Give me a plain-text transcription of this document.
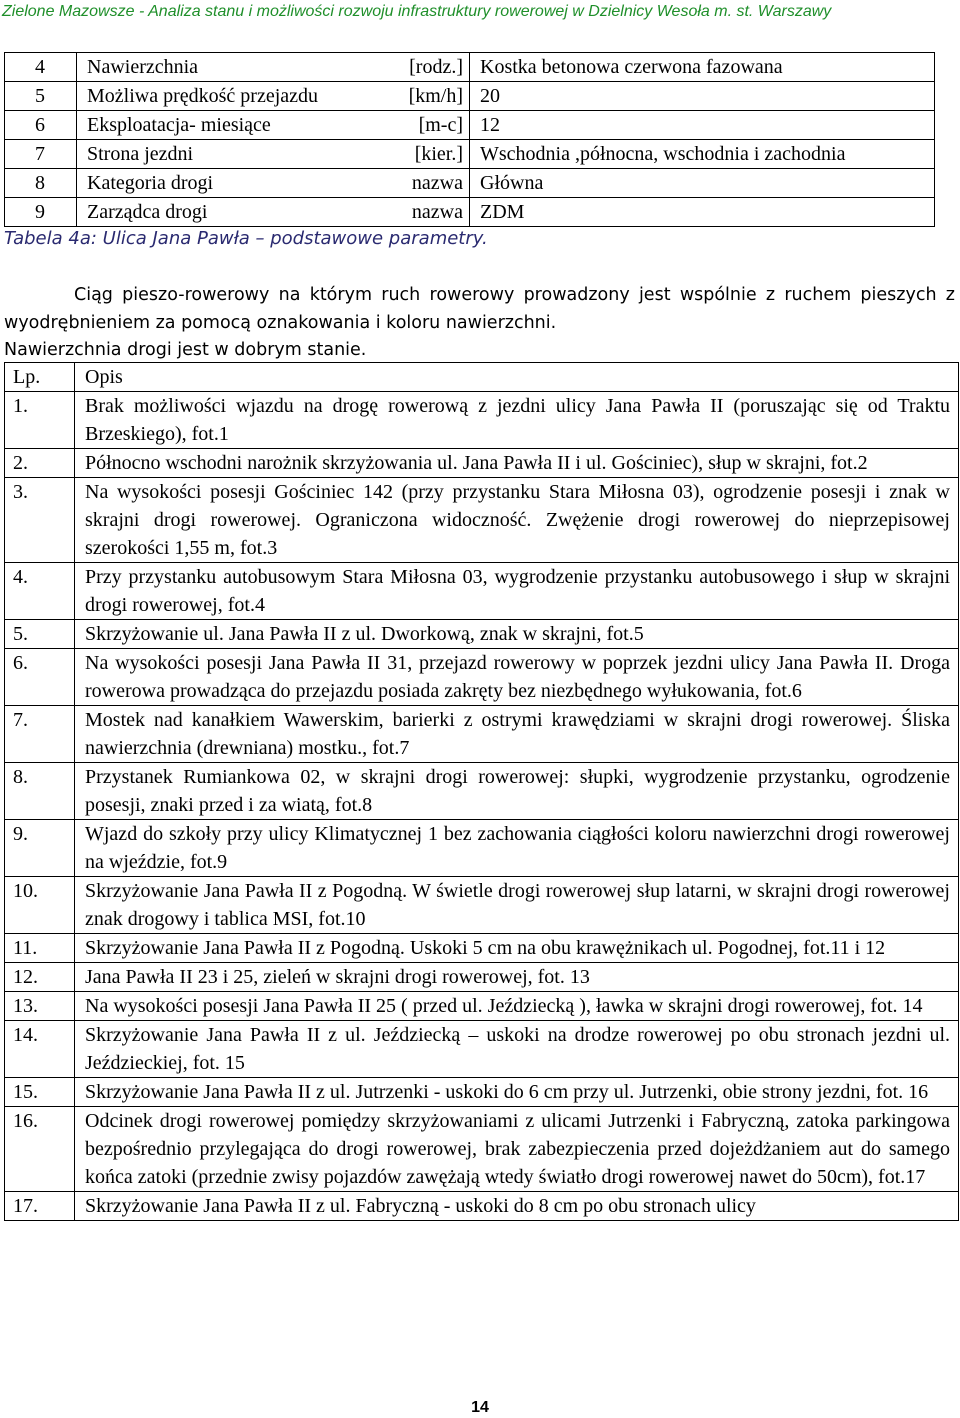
Zielone Mazowsze - Analiza stanu i możliwości rozwoju infrastruktury rowerowej w Dzielnicy Wesoła m. st. Warszawy
4	Nawierzchnia	[rodz.]	Kostka betonowa czerwona fazowana
5	Możliwa prędkość przejazdu	[km/h]	20
6	Eksploatacja- miesiące	[m-c]	12
7	Strona jezdni	[kier.]	Wschodnia ,północna, wschodnia i zachodnia
8	Kategoria drogi	nazwa	Główna
9	Zarządca drogi	nazwa	ZDM
Tabela 4a: Ulica Jana Pawła – podstawowe parametry.
Ciąg pieszo-rowerowy na którym ruch rowerowy prowadzony jest wspólnie z ruchem pieszych z wyodrębnieniem za pomocą oznakowania i koloru nawierzchni.
Nawierzchnia drogi jest w dobrym stanie.
Lp.	Opis
1.	Brak możliwości wjazdu na drogę rowerową z jezdni ulicy Jana Pawła II (poruszając się od Traktu Brzeskiego), fot.1
2.	Północno wschodni narożnik skrzyżowania ul. Jana Pawła II i ul. Gościniec), słup w skrajni, fot.2
3.	Na wysokości posesji Gościniec 142 (przy przystanku Stara Miłosna 03), ogrodzenie posesji i znak w skrajni drogi rowerowej. Ograniczona widoczność. Zwężenie drogi rowerowej do nieprzepisowej szerokości 1,55 m, fot.3
4.	Przy przystanku autobusowym Stara Miłosna 03, wygrodzenie przystanku autobusowego i słup w skrajni drogi rowerowej, fot.4
5.	Skrzyżowanie ul. Jana Pawła II z ul. Dworkową, znak w skrajni, fot.5
6.	Na wysokości posesji Jana Pawła II 31, przejazd rowerowy w poprzek jezdni ulicy Jana Pawła II. Droga rowerowa prowadząca do przejazdu posiada zakręty bez niezbędnego wyłukowania, fot.6
7.	Mostek nad kanałkiem Wawerskim, barierki z ostrymi krawędziami w skrajni drogi rowerowej. Śliska nawierzchnia (drewniana) mostku., fot.7
8.	Przystanek Rumiankowa 02, w skrajni drogi rowerowej: słupki, wygrodzenie przystanku, ogrodzenie posesji, znaki przed i za wiatą, fot.8
9.	Wjazd do szkoły przy ulicy Klimatycznej 1 bez zachowania ciągłości koloru nawierzchni drogi rowerowej na wjeździe, fot.9
10.	Skrzyżowanie Jana Pawła II z Pogodną. W świetle drogi rowerowej słup latarni, w skrajni drogi rowerowej znak drogowy i tablica MSI, fot.10
11.	Skrzyżowanie Jana Pawła II z Pogodną. Uskoki 5 cm na obu krawężnikach ul. Pogodnej, fot.11 i 12
12.	Jana Pawła II 23 i 25, zieleń w skrajni drogi rowerowej, fot. 13
13.	Na wysokości posesji Jana Pawła II 25 ( przed ul. Jeździecką ), ławka w skrajni drogi rowerowej, fot. 14
14.	Skrzyżowanie Jana Pawła II z ul. Jeździecką – uskoki na drodze rowerowej po obu stronach jezdni ul. Jeździeckiej, fot. 15
15.	Skrzyżowanie Jana Pawła II z ul. Jutrzenki - uskoki do 6 cm przy ul. Jutrzenki, obie strony jezdni, fot. 16
16.	Odcinek drogi rowerowej pomiędzy skrzyżowaniami z ulicami Jutrzenki i Fabryczną, zatoka parkingowa bezpośrednio przylegająca do drogi rowerowej, brak zabezpieczenia przed dojeżdżaniem aut do samego końca zatoki (przednie zwisy pojazdów zawężają wtedy światło drogi rowerowej nawet do 50cm), fot.17
17.	Skrzyżowanie Jana Pawła II z ul. Fabryczną - uskoki do 8 cm po obu stronach ulicy
14
